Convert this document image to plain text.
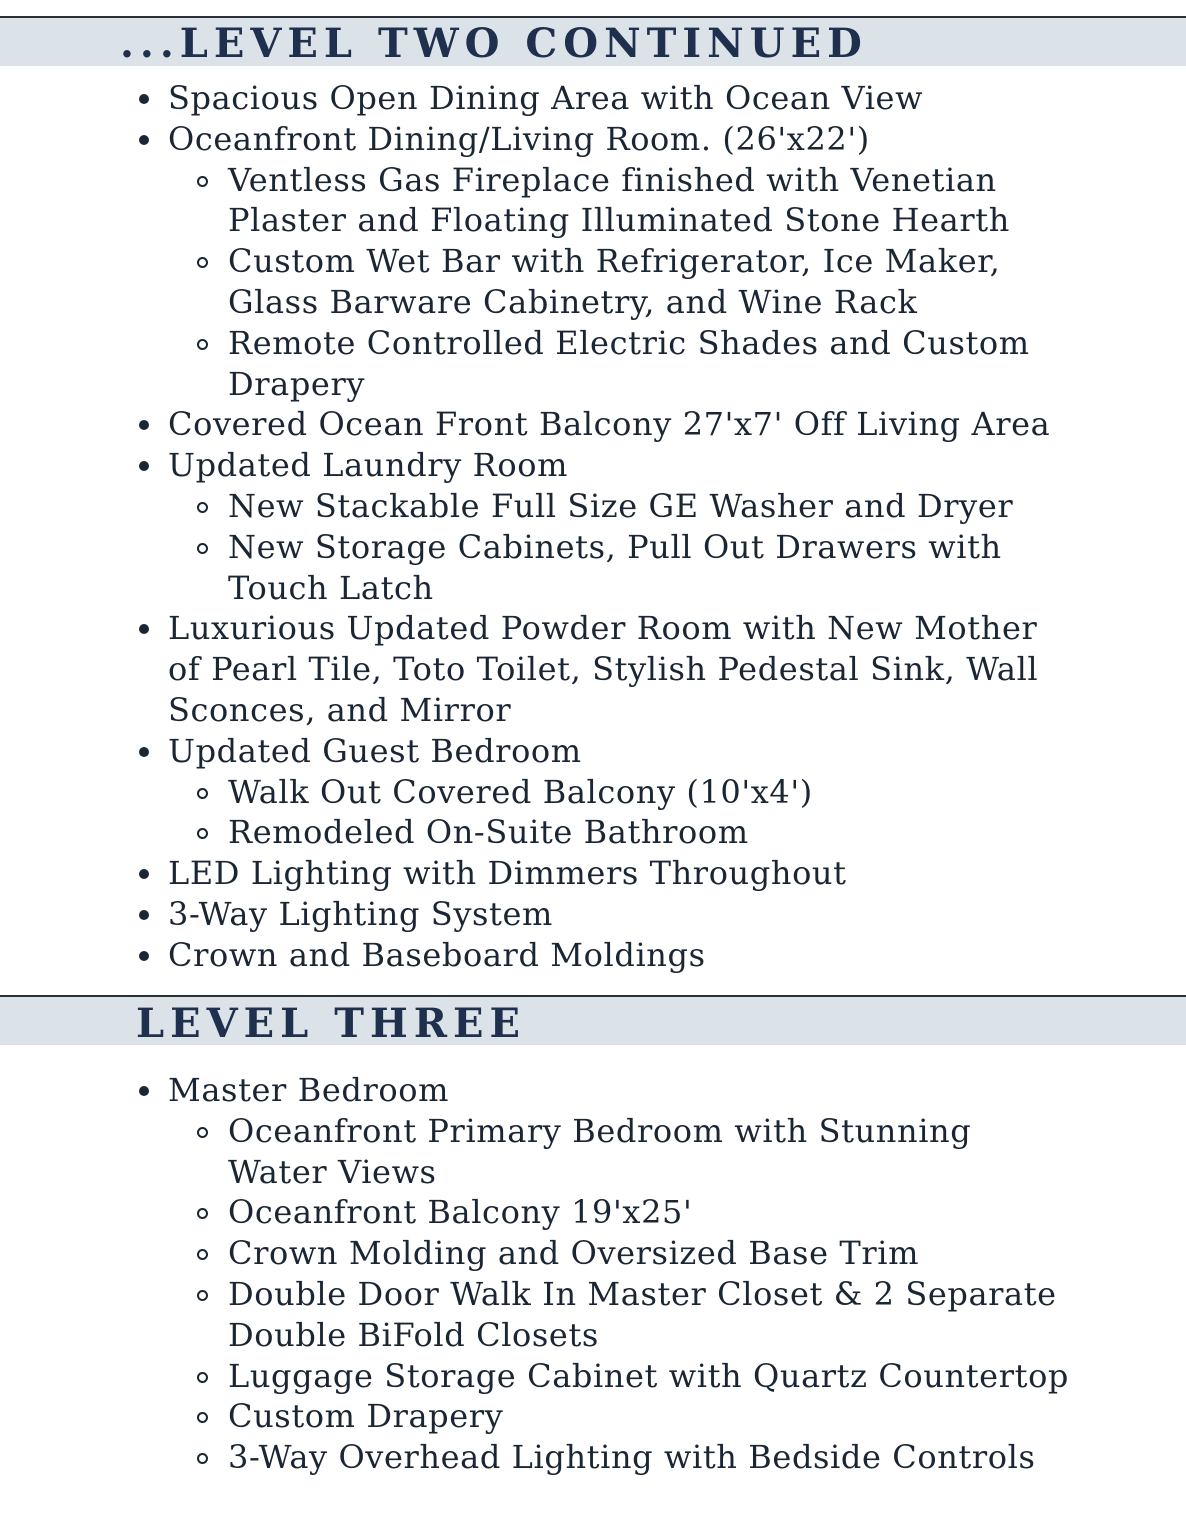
...LEVEL TWO CONTINUED
Spacious Open Dining Area with Ocean View
Oceanfront Dining/Living Room. (26'x22')
Ventless Gas Fireplace finished with Venetian
Plaster and Floating Illuminated Stone Hearth
Custom Wet Bar with Refrigerator, Ice Maker,
Glass Barware Cabinetry, and Wine Rack
Remote Controlled Electric Shades and Custom
Drapery
Covered Ocean Front Balcony 27'x7' Off Living Area
Updated Laundry Room
New Stackable Full Size GE Washer and Dryer
New Storage Cabinets, Pull Out Drawers with
Touch Latch
Luxurious Updated Powder Room with New Mother
of Pearl Tile, Toto Toilet, Stylish Pedestal Sink, Wall
Sconces, and Mirror
Updated Guest Bedroom
Walk Out Covered Balcony (10'x4')
Remodeled On-Suite Bathroom
LED Lighting with Dimmers Throughout
3-Way Lighting System
Crown and Baseboard Moldings
LEVEL THREE
Master Bedroom
Oceanfront Primary Bedroom with Stunning
Water Views
Oceanfront Balcony 19'x25'
Crown Molding and Oversized Base Trim
Double Door Walk In Master Closet & 2 Separate
Double BiFold Closets
Luggage Storage Cabinet with Quartz Countertop
Custom Drapery
3-Way Overhead Lighting with Bedside Controls
